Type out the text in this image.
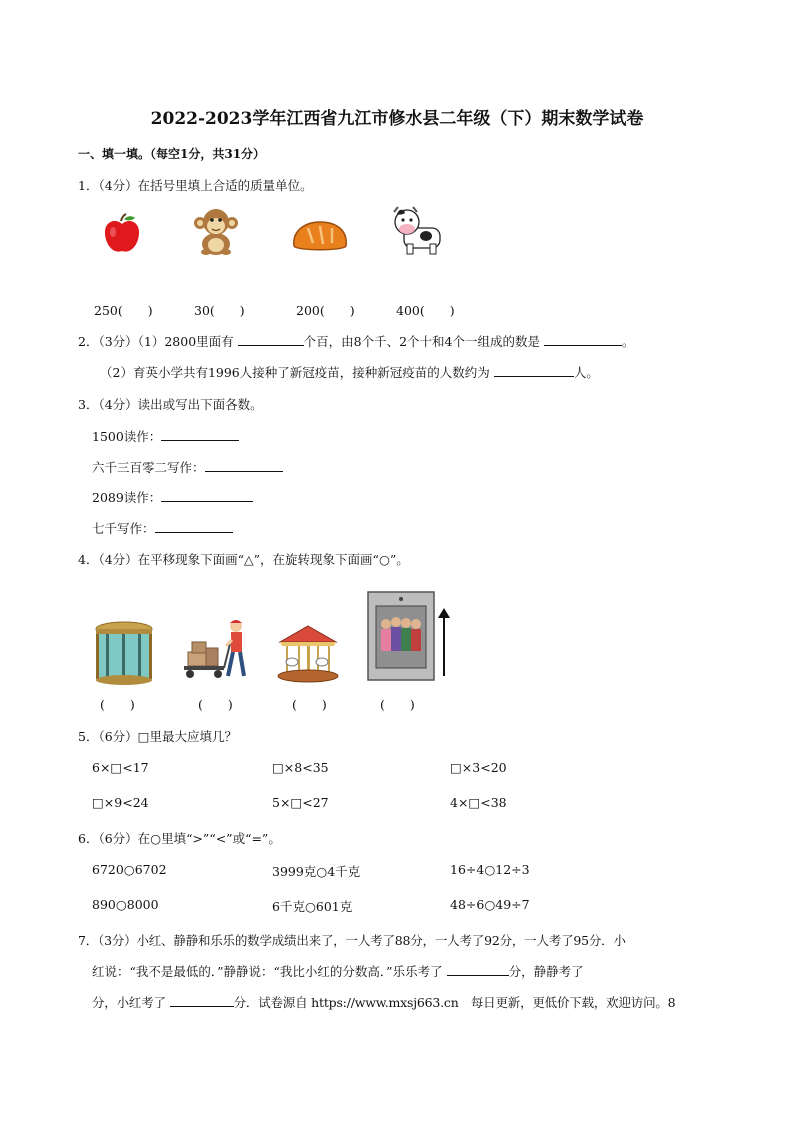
2022-2023学年江西省九江市修水县二年级（下）期末数学试卷
一、填一填。（每空1分，共31分）
1．（4分）在括号里填上合适的质量单位。
250(　　)	30(　　)	200(　　)	400(　　)
2．（3分）（1）2800里面有	个百，由8个千、2个十和4个一组成的数是	。
（2）育英小学共有1996人接种了新冠疫苗，接种新冠疫苗的人数约为	人。
3．（4分）读出或写出下面各数。
1500读作：
六千三百零二写作：
2089读作：
七千写作：
4．（4分）在平移现象下面画“△”，在旋转现象下面画“○”。
(　　)	(　　)	(　　)	(　　)
5．（6分）□里最大应填几？
6×□<17	□×8<35	□×3<20
□×9<24	5×□<27	4×□<38
6．（6分）在○里填“>”“<”或“=”。
6720○6702	3999克○4千克	16÷4○12÷3
890○8000	6千克○601克	48÷6○49÷7
7．（3分）小红、静静和乐乐的数学成绩出来了，一人考了88分，一人考了92分，一人考了95分．小
红说：“我不是最低的．”静静说：“我比小红的分数高．”乐乐考了	分，静静考了
分，小红考了	分．试卷源自 https://www.mxsj663.cn　每日更新，更低价下载，欢迎访问。8
